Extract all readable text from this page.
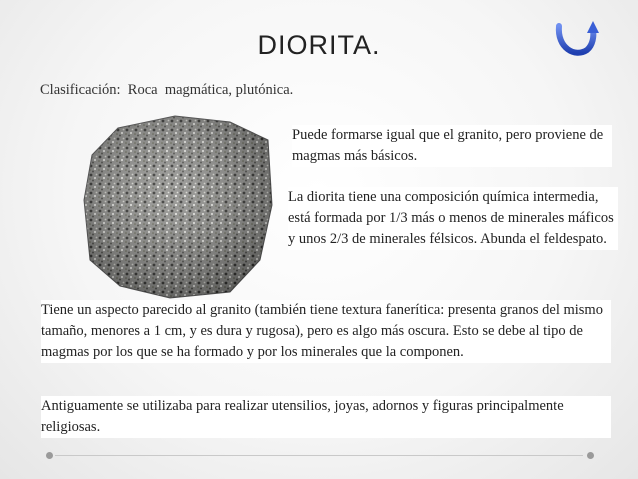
DIORITA.
Clasificación:  Roca  magmática, plutónica.
Puede formarse igual que el granito, pero proviene de magmas más básicos.
La diorita tiene una composición química intermedia, está formada por 1/3 más o menos de minerales máficos y unos 2/3 de minerales félsicos. Abunda el feldespato.
Tiene un aspecto parecido al granito (también tiene textura fanerítica: presenta granos del mismo tamaño, menores a 1 cm, y es dura y rugosa), pero es algo más oscura. Esto se debe al tipo de magmas por los que se ha formado y por los minerales que la componen.
Antiguamente se utilizaba para realizar utensilios, joyas, adornos y figuras principalmente religiosas.
